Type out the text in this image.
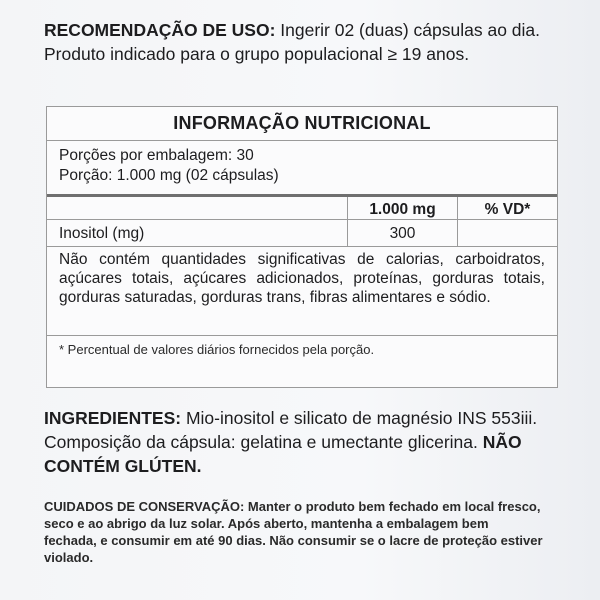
RECOMENDAÇÃO DE USO: Ingerir 02 (duas) cápsulas ao dia. Produto indicado para o grupo populacional ≥ 19 anos.
INFORMAÇÃO NUTRICIONAL
Porções por embalagem: 30
Porção: 1.000 mg (02 cápsulas)
1.000 mg	% VD*
Inositol (mg)	300
Não contém quantidades significativas de calorias, carboidratos, açúcares totais, açúcares adicionados, proteínas, gorduras totais, gorduras saturadas, gorduras trans, fibras alimentares e sódio.
* Percentual de valores diários fornecidos pela porção.
INGREDIENTES: Mio-inositol e silicato de magnésio INS 553iii. Composição da cápsula: gelatina e umectante glicerina. NÃO CONTÉM GLÚTEN.
CUIDADOS DE CONSERVAÇÃO: Manter o produto bem fechado em local fresco, seco e ao abrigo da luz solar. Após aberto, mantenha a embalagem bem fechada, e consumir em até 90 dias. Não consumir se o lacre de proteção estiver violado.
